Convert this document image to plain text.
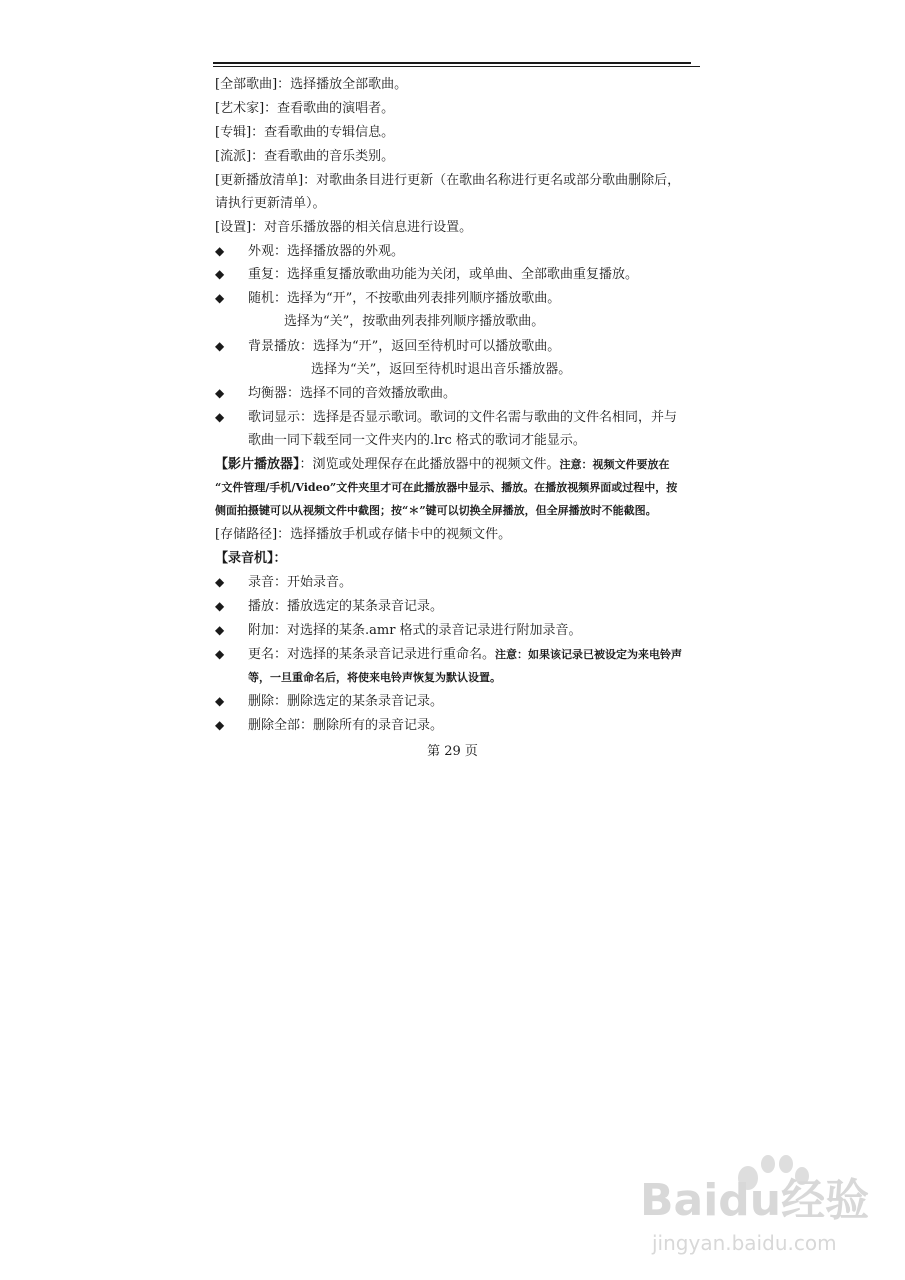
[全部歌曲]：选择播放全部歌曲。
[艺术家]：查看歌曲的演唱者。
[专辑]：查看歌曲的专辑信息。
[流派]：查看歌曲的音乐类别。
[更新播放清单]：对歌曲条目进行更新（在歌曲名称进行更名或部分歌曲删除后，
请执行更新清单）。
[设置]：对音乐播放器的相关信息进行设置。
◆	外观：选择播放器的外观。
◆	重复：选择重复播放歌曲功能为关闭，或单曲、全部歌曲重复播放。
◆	随机：选择为“开”，不按歌曲列表排列顺序播放歌曲。
选择为“关”，按歌曲列表排列顺序播放歌曲。
◆	背景播放：选择为“开”，返回至待机时可以播放歌曲。
选择为“关”，返回至待机时退出音乐播放器。
◆	均衡器：选择不同的音效播放歌曲。
◆	歌词显示：选择是否显示歌词。歌词的文件名需与歌曲的文件名相同，并与
歌曲一同下载至同一文件夹内的.lrc 格式的歌词才能显示。
【影片播放器】：浏览或处理保存在此播放器中的视频文件。注意：视频文件要放在
“文件管理/手机/Video”文件夹里才可在此播放器中显示、播放。在播放视频界面或过程中，按
侧面拍摄键可以从视频文件中截图；按“＊”键可以切换全屏播放，但全屏播放时不能截图。
[存储路径]：选择播放手机或存储卡中的视频文件。
【录音机】：
◆	录音：开始录音。
◆	播放：播放选定的某条录音记录。
◆	附加：对选择的某条.amr 格式的录音记录进行附加录音。
◆	更名：对选择的某条录音记录进行重命名。注意：如果该记录已被设定为来电铃声
等，一旦重命名后，将使来电铃声恢复为默认设置。
◆	删除：删除选定的某条录音记录。
◆	删除全部：删除所有的录音记录。
第 29 页
Baidu经验
jingyan.baidu.com
